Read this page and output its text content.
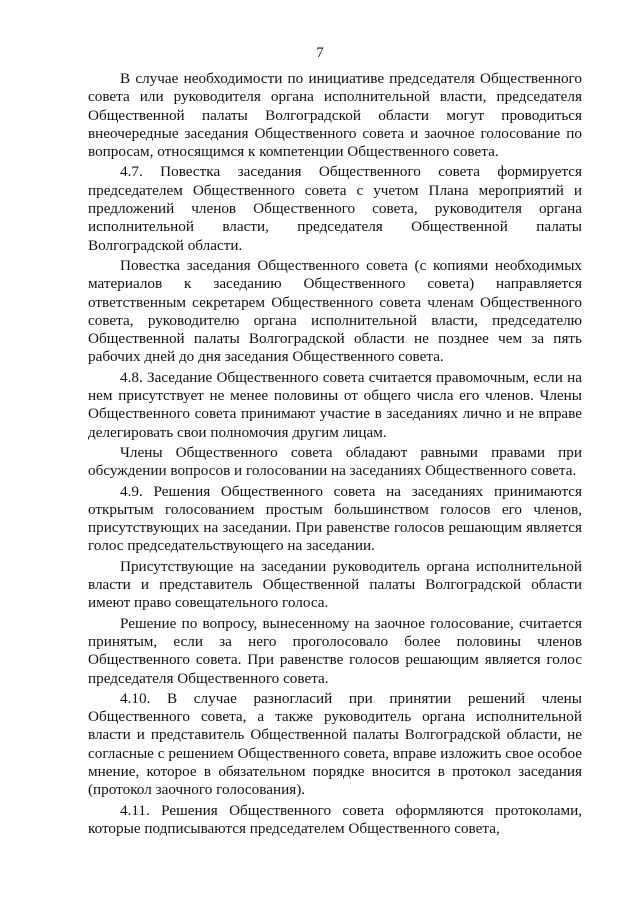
7

В случае необходимости по инициативе председателя Общественного совета или руководителя органа исполнительной власти, председателя Общественной палаты Волгоградской области могут проводиться внеочередные заседания Общественного совета и заочное голосование по вопросам, относящимся к компетенции Общественного совета.

4.7. Повестка заседания Общественного совета формируется председателем Общественного совета с учетом Плана мероприятий и предложений членов Общественного совета, руководителя органа исполнительной власти, председателя Общественной палаты Волгоградской области.

Повестка заседания Общественного совета (с копиями необходимых материалов к заседанию Общественного совета) направляется ответственным секретарем Общественного совета членам Общественного совета, руководителю органа исполнительной власти, председателю Общественной палаты Волгоградской области не позднее чем за пять рабочих дней до дня заседания Общественного совета.

4.8. Заседание Общественного совета считается правомочным, если на нем присутствует не менее половины от общего числа его членов. Члены Общественного совета принимают участие в заседаниях лично и не вправе делегировать свои полномочия другим лицам.

Члены Общественного совета обладают равными правами при обсуждении вопросов и голосовании на заседаниях Общественного совета.

4.9. Решения Общественного совета на заседаниях принимаются открытым голосованием простым большинством голосов его членов, присутствующих на заседании. При равенстве голосов решающим является голос председательствующего на заседании.

Присутствующие на заседании руководитель органа исполнительной власти и представитель Общественной палаты Волгоградской области имеют право совещательного голоса.

Решение по вопросу, вынесенному на заочное голосование, считается принятым, если за него проголосовало более половины членов Общественного совета. При равенстве голосов решающим является голос председателя Общественного совета.

4.10. В случае разногласий при принятии решений члены Общественного совета, а также руководитель органа исполнительной власти и представитель Общественной палаты Волгоградской области, не согласные с решением Общественного совета, вправе изложить свое особое мнение, которое в обязательном порядке вносится в протокол заседания (протокол заочного голосования).

4.11. Решения Общественного совета оформляются протоколами, которые подписываются председателем Общественного совета,
